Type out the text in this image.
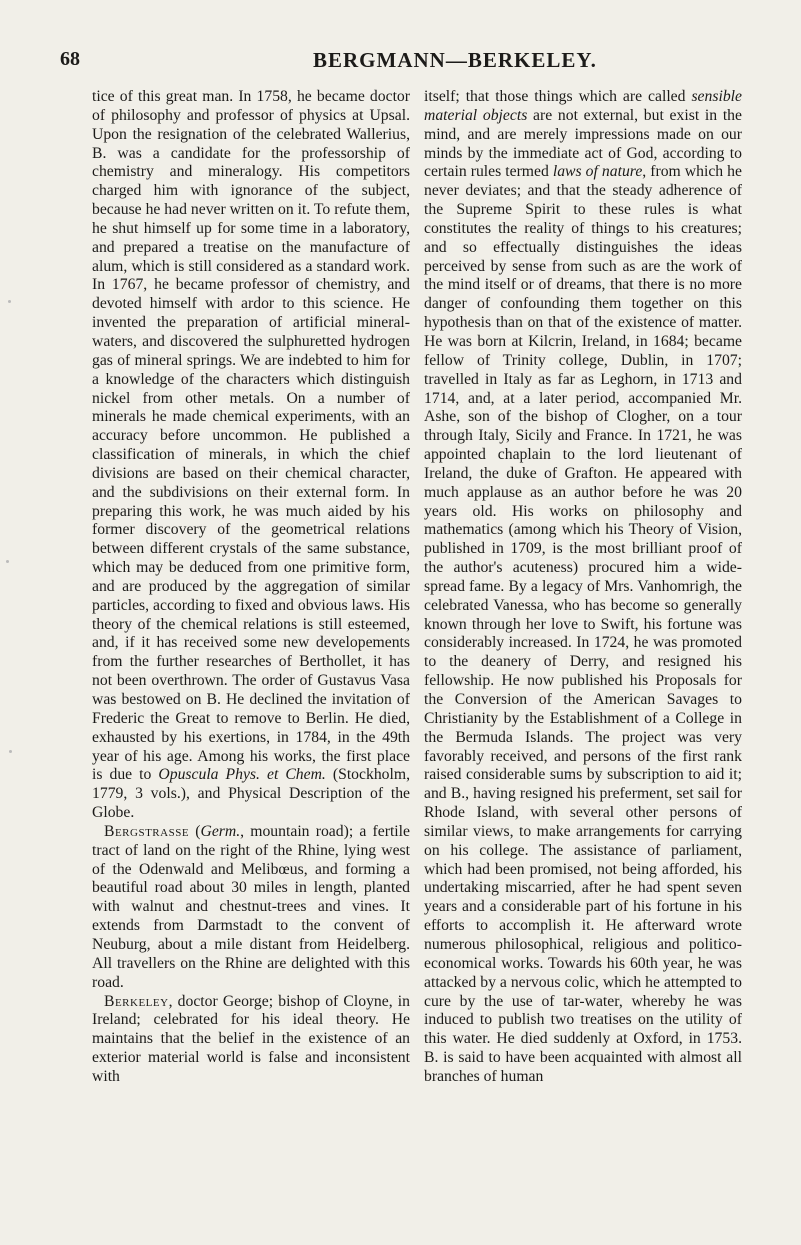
68	BERGMANN—BERKELEY.

tice of this great man. In 1758, he became doctor of philosophy and professor of physics at Upsal. Upon the resignation of the celebrated Wallerius, B. was a candidate for the professorship of chemistry and mineralogy. His competitors charged him with ignorance of the subject, because he had never written on it. To refute them, he shut himself up for some time in a laboratory, and prepared a treatise on the manufacture of alum, which is still considered as a standard work. In 1767, he became professor of chemistry, and devoted himself with ardor to this science. He invented the preparation of artificial mineral-waters, and discovered the sulphuretted hydrogen gas of mineral springs. We are indebted to him for a knowledge of the characters which distinguish nickel from other metals. On a number of minerals he made chemical experiments, with an accuracy before uncommon. He published a classification of minerals, in which the chief divisions are based on their chemical character, and the subdivisions on their external form. In preparing this work, he was much aided by his former discovery of the geometrical relations between different crystals of the same substance, which may be deduced from one primitive form, and are produced by the aggregation of similar particles, according to fixed and obvious laws. His theory of the chemical relations is still esteemed, and, if it has received some new developements from the further researches of Berthollet, it has not been overthrown. The order of Gustavus Vasa was bestowed on B. He declined the invitation of Frederic the Great to remove to Berlin. He died, exhausted by his exertions, in 1784, in the 49th year of his age. Among his works, the first place is due to Opuscula Phys. et Chem. (Stockholm, 1779, 3 vols.), and Physical Description of the Globe.

Bergstrasse (Germ., mountain road); a fertile tract of land on the right of the Rhine, lying west of the Odenwald and Melibœus, and forming a beautiful road about 30 miles in length, planted with walnut and chestnut-trees and vines. It extends from Darmstadt to the convent of Neuburg, about a mile distant from Heidelberg. All travellers on the Rhine are delighted with this road.

Berkeley, doctor George; bishop of Cloyne, in Ireland; celebrated for his ideal theory. He maintains that the belief in the existence of an exterior material world is false and inconsistent with

itself; that those things which are called sensible material objects are not external, but exist in the mind, and are merely impressions made on our minds by the immediate act of God, according to certain rules termed laws of nature, from which he never deviates; and that the steady adherence of the Supreme Spirit to these rules is what constitutes the reality of things to his creatures; and so effectually distinguishes the ideas perceived by sense from such as are the work of the mind itself or of dreams, that there is no more danger of confounding them together on this hypothesis than on that of the existence of matter. He was born at Kilcrin, Ireland, in 1684; became fellow of Trinity college, Dublin, in 1707; travelled in Italy as far as Leghorn, in 1713 and 1714, and, at a later period, accompanied Mr. Ashe, son of the bishop of Clogher, on a tour through Italy, Sicily and France. In 1721, he was appointed chaplain to the lord lieutenant of Ireland, the duke of Grafton. He appeared with much applause as an author before he was 20 years old. His works on philosophy and mathematics (among which his Theory of Vision, published in 1709, is the most brilliant proof of the author's acuteness) procured him a wide-spread fame. By a legacy of Mrs. Vanhomrigh, the celebrated Vanessa, who has become so generally known through her love to Swift, his fortune was considerably increased. In 1724, he was promoted to the deanery of Derry, and resigned his fellowship. He now published his Proposals for the Conversion of the American Savages to Christianity by the Establishment of a College in the Bermuda Islands. The project was very favorably received, and persons of the first rank raised considerable sums by subscription to aid it; and B., having resigned his preferment, set sail for Rhode Island, with several other persons of similar views, to make arrangements for carrying on his college. The assistance of parliament, which had been promised, not being afforded, his undertaking miscarried, after he had spent seven years and a considerable part of his fortune in his efforts to accomplish it. He afterward wrote numerous philosophical, religious and politico-economical works. Towards his 60th year, he was attacked by a nervous colic, which he attempted to cure by the use of tar-water, whereby he was induced to publish two treatises on the utility of this water. He died suddenly at Oxford, in 1753. B. is said to have been acquainted with almost all branches of human
